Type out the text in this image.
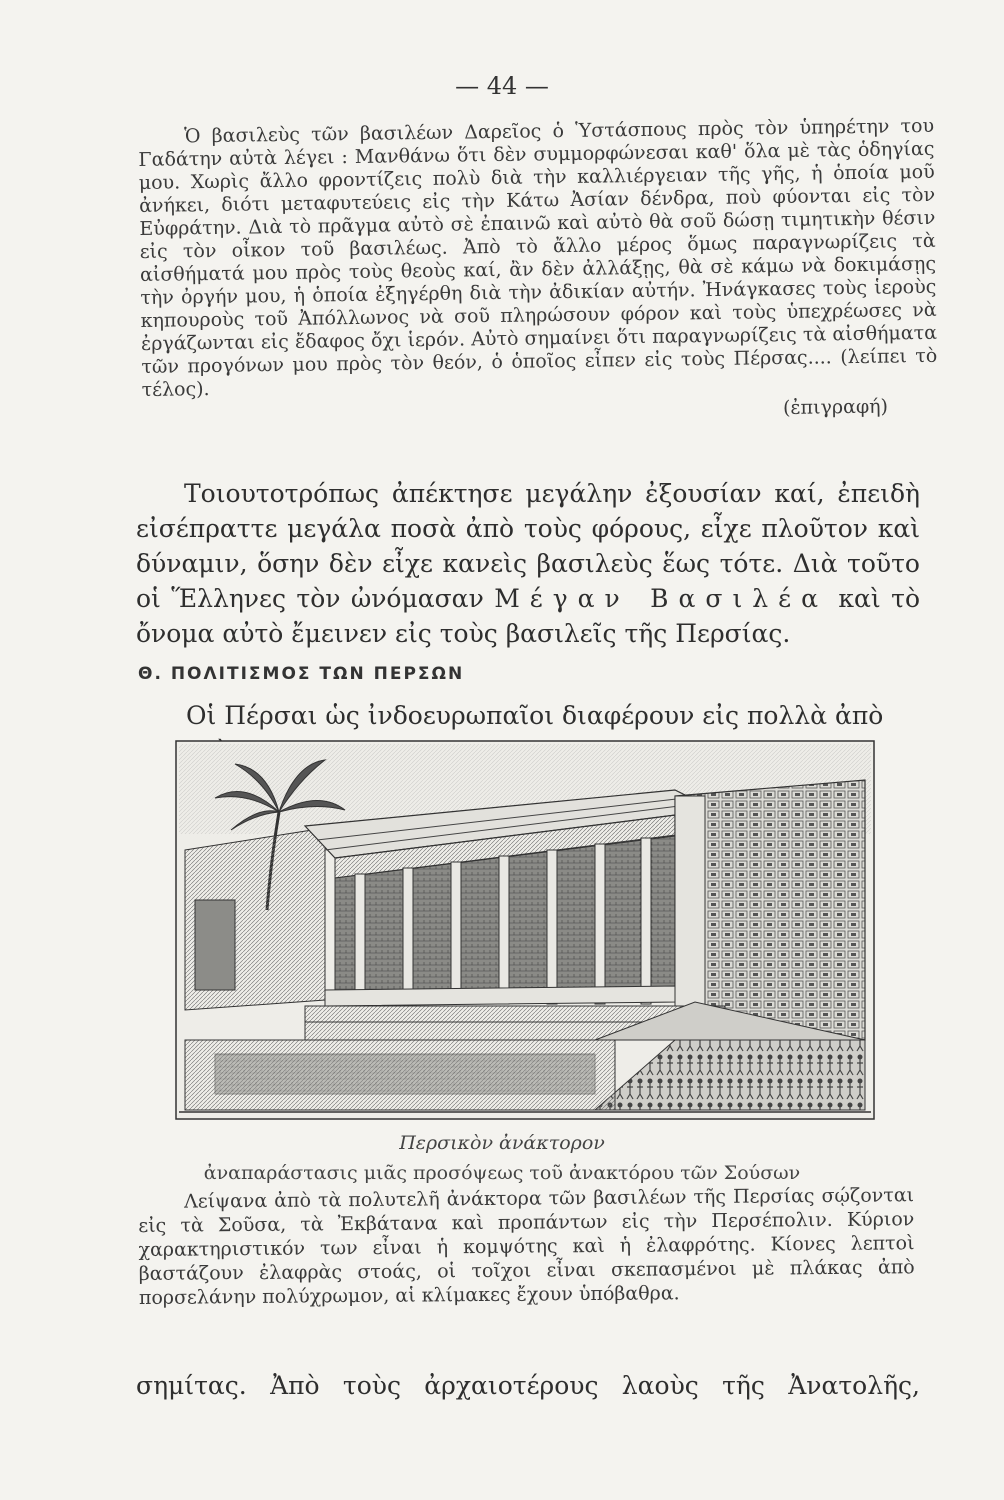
— 44 —

Ὁ βασιλεὺς τῶν βασιλέων Δαρεῖος ὁ Ὑστάσπους πρὸς τὸν ὑπηρέτην του Γαδάτην αὐτὰ λέγει : Μανθάνω ὅτι δὲν συμμορφώνεσαι καθ' ὅλα μὲ τὰς ὁδηγίας μου. Χωρὶς ἄλλο φροντίζεις πολὺ διὰ τὴν καλλιέργειαν τῆς γῆς, ἡ ὁποία μοῦ ἀνήκει, διότι μεταφυτεύεις εἰς τὴν Κάτω Ἀσίαν δένδρα, ποὺ φύονται εἰς τὸν Εὐφράτην. Διὰ τὸ πρᾶγμα αὐτὸ σὲ ἐπαινῶ καὶ αὐτὸ θὰ σοῦ δώσῃ τιμητικὴν θέσιν εἰς τὸν οἶκον τοῦ βασιλέως. Ἀπὸ τὸ ἄλλο μέρος ὅμως παραγνωρίζεις τὰ αἰσθήματά μου πρὸς τοὺς θεοὺς καί, ἂν δὲν ἀλλάξῃς, θὰ σὲ κάμω νὰ δοκιμάσῃς τὴν ὀργήν μου, ἡ ὁποία ἐξηγέρθη διὰ τὴν ἀδικίαν αὐτήν. Ἠνάγκασες τοὺς ἱεροὺς κηπουροὺς τοῦ Ἀπόλλωνος νὰ σοῦ πληρώσουν φόρον καὶ τοὺς ὑπεχρέωσες νὰ ἐργάζωνται εἰς ἔδαφος ὄχι ἱερόν. Αὐτὸ σημαίνει ὅτι παραγνωρίζεις τὰ αἰσθήματα τῶν προγόνων μου πρὸς τὸν θεόν, ὁ ὁποῖος εἶπεν εἰς τοὺς Πέρσας.... (λείπει τὸ τέλος).

(ἐπιγραφή)

Τοιουτοτρόπως ἀπέκτησε μεγάλην ἐξουσίαν καί, ἐπειδὴ εἰσέπραττε μεγάλα ποσὰ ἀπὸ τοὺς φόρους, εἶχε πλοῦτον καὶ δύναμιν, ὅσην δὲν εἶχε κανεὶς βασιλεὺς ἕως τότε. Διὰ τοῦτο οἱ Ἕλληνες τὸν ὠνόμασαν Μέγαν Βασιλέα καὶ τὸ ὄνομα αὐτὸ ἔμεινεν εἰς τοὺς βασιλεῖς τῆς Περσίας.

Θ. ΠΟΛΙΤΙΣΜΟΣ ΤΩΝ ΠΕΡΣΩΝ
Οἱ Πέρσαι ὡς ἰνδοευρωπαῖοι διαφέρουν εἰς πολλὰ ἀπὸ
Περσικὸν ἀνάκτορον
ἀναπαράστασις μιᾶς προσόψεως τοῦ ἀνακτόρου τῶν Σούσων

Λείψανα ἀπὸ τὰ πολυτελῆ ἀνάκτορα τῶν βασιλέων τῆς Περσίας σῴζονται εἰς τὰ Σοῦσα, τὰ Ἐκβάτανα καὶ προπάντων εἰς τὴν Περσέπολιν. Κύριον χαρακτηριστικόν των εἶναι ἡ κομψότης καὶ ἡ ἐλαφρότης. Κίονες λεπτοὶ βαστάζουν ἐλαφρὰς στοάς, οἱ τοῖχοι εἶναι σκεπασμένοι μὲ πλάκας ἀπὸ πορσελάνην πολύχρωμον, αἱ κλίμακες ἔχουν ὑπόβαθρα.

σημίτας. Ἀπὸ τοὺς ἀρχαιοτέρους λαοὺς τῆς Ἀνατολῆς,
